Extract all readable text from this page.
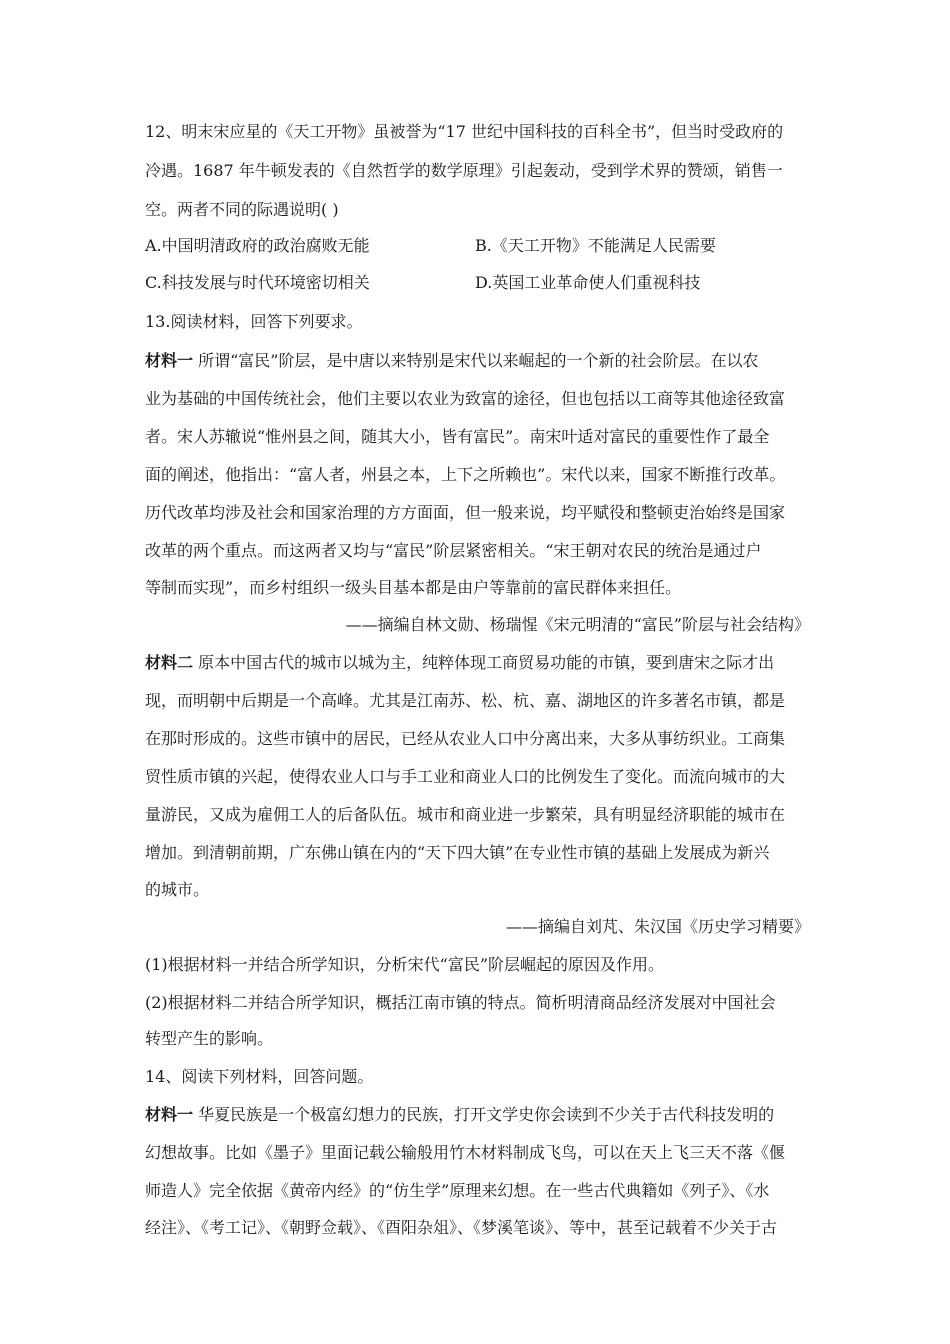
12、明末宋应星的《天工开物》虽被誉为“17 世纪中国科技的百科全书”，但当时受政府的
冷遇。1687 年牛顿发表的《自然哲学的数学原理》引起轰动，受到学术界的赞颂，销售一
空。两者不同的际遇说明( )
A.中国明清政府的政治腐败无能	B.《天工开物》不能满足人民需要
C.科技发展与时代环境密切相关	D.英国工业革命使人们重视科技
13.阅读材料，回答下列要求。
材料一 所谓“富民”阶层，是中唐以来特别是宋代以来崛起的一个新的社会阶层。在以农
业为基础的中国传统社会，他们主要以农业为致富的途径，但也包括以工商等其他途径致富
者。宋人苏辙说“惟州县之间，随其大小，皆有富民”。南宋叶适对富民的重要性作了最全
面的阐述，他指出：“富人者，州县之本，上下之所赖也”。宋代以来，国家不断推行改革。
历代改革均涉及社会和国家治理的方方面面，但一般来说，均平赋役和整顿吏治始终是国家
改革的两个重点。而这两者又均与“富民”阶层紧密相关。“宋王朝对农民的统治是通过户
等制而实现”，而乡村组织一级头目基本都是由户等靠前的富民群体来担任。
——摘编自林文勋、杨瑞惺《宋元明清的“富民”阶层与社会结构》
材料二 原本中国古代的城市以城为主，纯粹体现工商贸易功能的市镇，要到唐宋之际才出
现，而明朝中后期是一个高峰。尤其是江南苏、松、杭、嘉、湖地区的许多著名市镇，都是
在那时形成的。这些市镇中的居民，已经从农业人口中分离出来，大多从事纺织业。工商集
贸性质市镇的兴起，使得农业人口与手工业和商业人口的比例发生了变化。而流向城市的大
量游民，又成为雇佣工人的后备队伍。城市和商业进一步繁荣，具有明显经济职能的城市在
增加。到清朝前期，广东佛山镇在内的“天下四大镇”在专业性市镇的基础上发展成为新兴
的城市。
——摘编自刘芃、朱汉国《历史学习精要》
(1)根据材料一并结合所学知识，分析宋代“富民”阶层崛起的原因及作用。
(2)根据材料二并结合所学知识，概括江南市镇的特点。简析明清商品经济发展对中国社会
转型产生的影响。
14、阅读下列材料，回答问题。
材料一 华夏民族是一个极富幻想力的民族，打开文学史你会读到不少关于古代科技发明的
幻想故事。比如《墨子》里面记载公输般用竹木材料制成飞鸟，可以在天上飞三天不落《偃
师造人》完全依据《黄帝内经》的“仿生学”原理来幻想。在一些古代典籍如《列子》、《水
经注》、《考工记》、《朝野佥载》、《酉阳杂俎》、《梦溪笔谈》、等中，甚至记载着不少关于古
